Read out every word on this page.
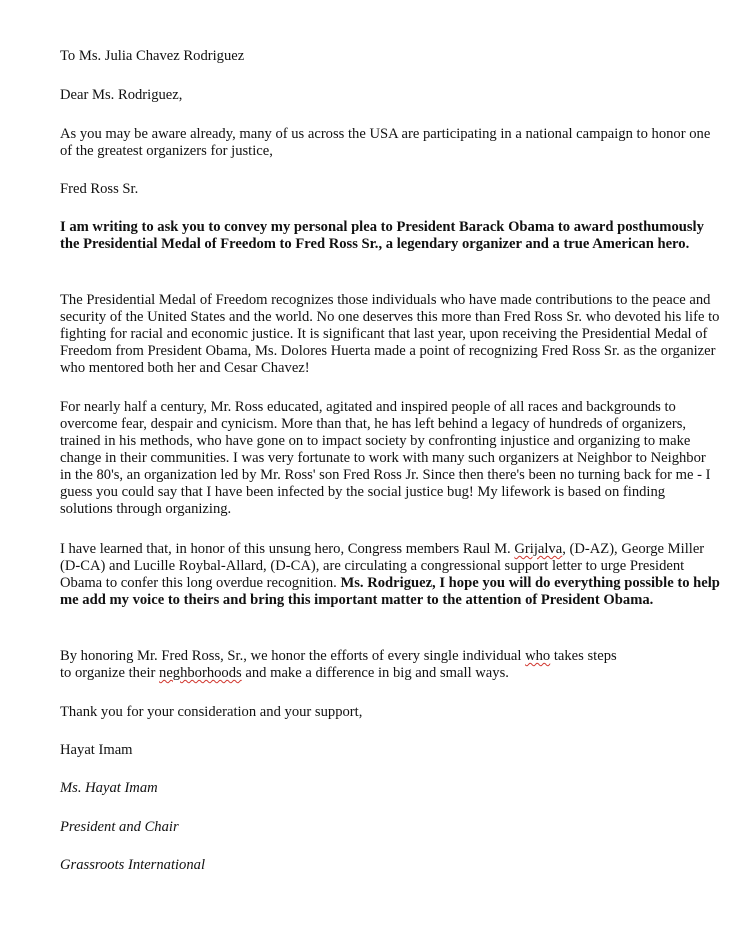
To Ms. Julia Chavez Rodriguez

Dear Ms. Rodriguez,

As you may be aware already, many of us across the USA are participating in a national campaign to honor one of the greatest organizers for justice,

Fred Ross Sr.

I am writing to ask you to convey my personal plea to President Barack Obama to award posthumously the Presidential Medal of Freedom to Fred Ross Sr., a legendary organizer and a true American hero.

The Presidential Medal of Freedom recognizes those individuals who have made contributions to the peace and security of the United States and the world. No one deserves this more than Fred Ross Sr. who devoted his life to fighting for racial and economic justice. It is significant that last year, upon receiving the Presidential Medal of Freedom from President Obama, Ms. Dolores Huerta made a point of recognizing Fred Ross Sr. as the organizer who mentored both her and Cesar Chavez!

For nearly half a century, Mr. Ross educated, agitated and inspired people of all races and backgrounds to overcome fear, despair and cynicism. More than that, he has left behind a legacy of hundreds of organizers, trained in his methods, who have gone on to impact society by confronting injustice and organizing to make change in their communities. I was very fortunate to work with many such organizers at Neighbor to Neighbor in the 80's, an organization led by Mr. Ross' son Fred Ross Jr. Since then there's been no turning back for me - I guess you could say that I have been infected by the social justice bug! My lifework is based on finding solutions through organizing.

I have learned that, in honor of this unsung hero, Congress members Raul M. Grijalva, (D-AZ), George Miller (D-CA) and Lucille Roybal-Allard, (D-CA), are circulating a congressional support letter to urge President Obama to confer this long overdue recognition. Ms. Rodriguez, I hope you will do everything possible to help me add my voice to theirs and bring this important matter to the attention of President Obama.

By honoring Mr. Fred Ross, Sr., we honor the efforts of every single individual who takes steps
to organize their neghborhoods and make a difference in big and small ways.

Thank you for your consideration and your support,

Hayat Imam

Ms. Hayat Imam

President and Chair

Grassroots International
